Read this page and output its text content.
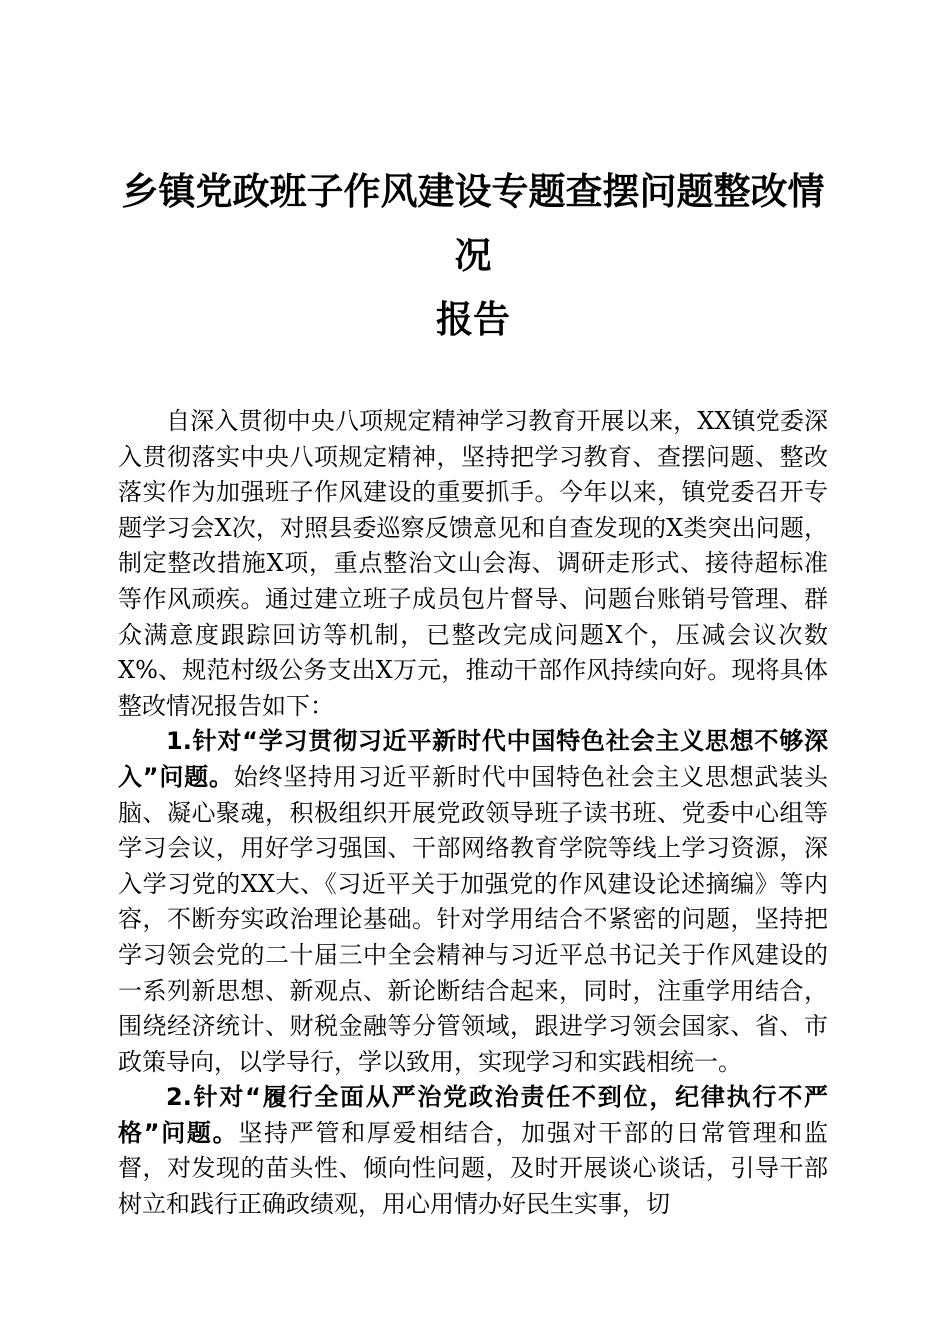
乡镇党政班子作风建设专题查摆问题整改情况
报告

自深入贯彻中央八项规定精神学习教育开展以来，XX镇党委深入贯彻落实中央八项规定精神，坚持把学习教育、查摆问题、整改落实作为加强班子作风建设的重要抓手。今年以来，镇党委召开专题学习会X次，对照县委巡察反馈意见和自查发现的X类突出问题，制定整改措施X项，重点整治文山会海、调研走形式、接待超标准等作风顽疾。通过建立班子成员包片督导、问题台账销号管理、群众满意度跟踪回访等机制，已整改完成问题X个，压减会议次数X%、规范村级公务支出X万元，推动干部作风持续向好。现将具体整改情况报告如下：

1.针对“学习贯彻习近平新时代中国特色社会主义思想不够深入”问题。始终坚持用习近平新时代中国特色社会主义思想武装头脑、凝心聚魂，积极组织开展党政领导班子读书班、党委中心组等学习会议，用好学习强国、干部网络教育学院等线上学习资源，深入学习党的XX大、《习近平关于加强党的作风建设论述摘编》等内容，不断夯实政治理论基础。针对学用结合不紧密的问题，坚持把学习领会党的二十届三中全会精神与习近平总书记关于作风建设的一系列新思想、新观点、新论断结合起来，同时，注重学用结合，围绕经济统计、财税金融等分管领域，跟进学习领会国家、省、市政策导向，以学导行，学以致用，实现学习和实践相统一。

2.针对“履行全面从严治党政治责任不到位，纪律执行不严格”问题。坚持严管和厚爱相结合，加强对干部的日常管理和监督，对发现的苗头性、倾向性问题，及时开展谈心谈话，引导干部树立和践行正确政绩观，用心用情办好民生实事，切
